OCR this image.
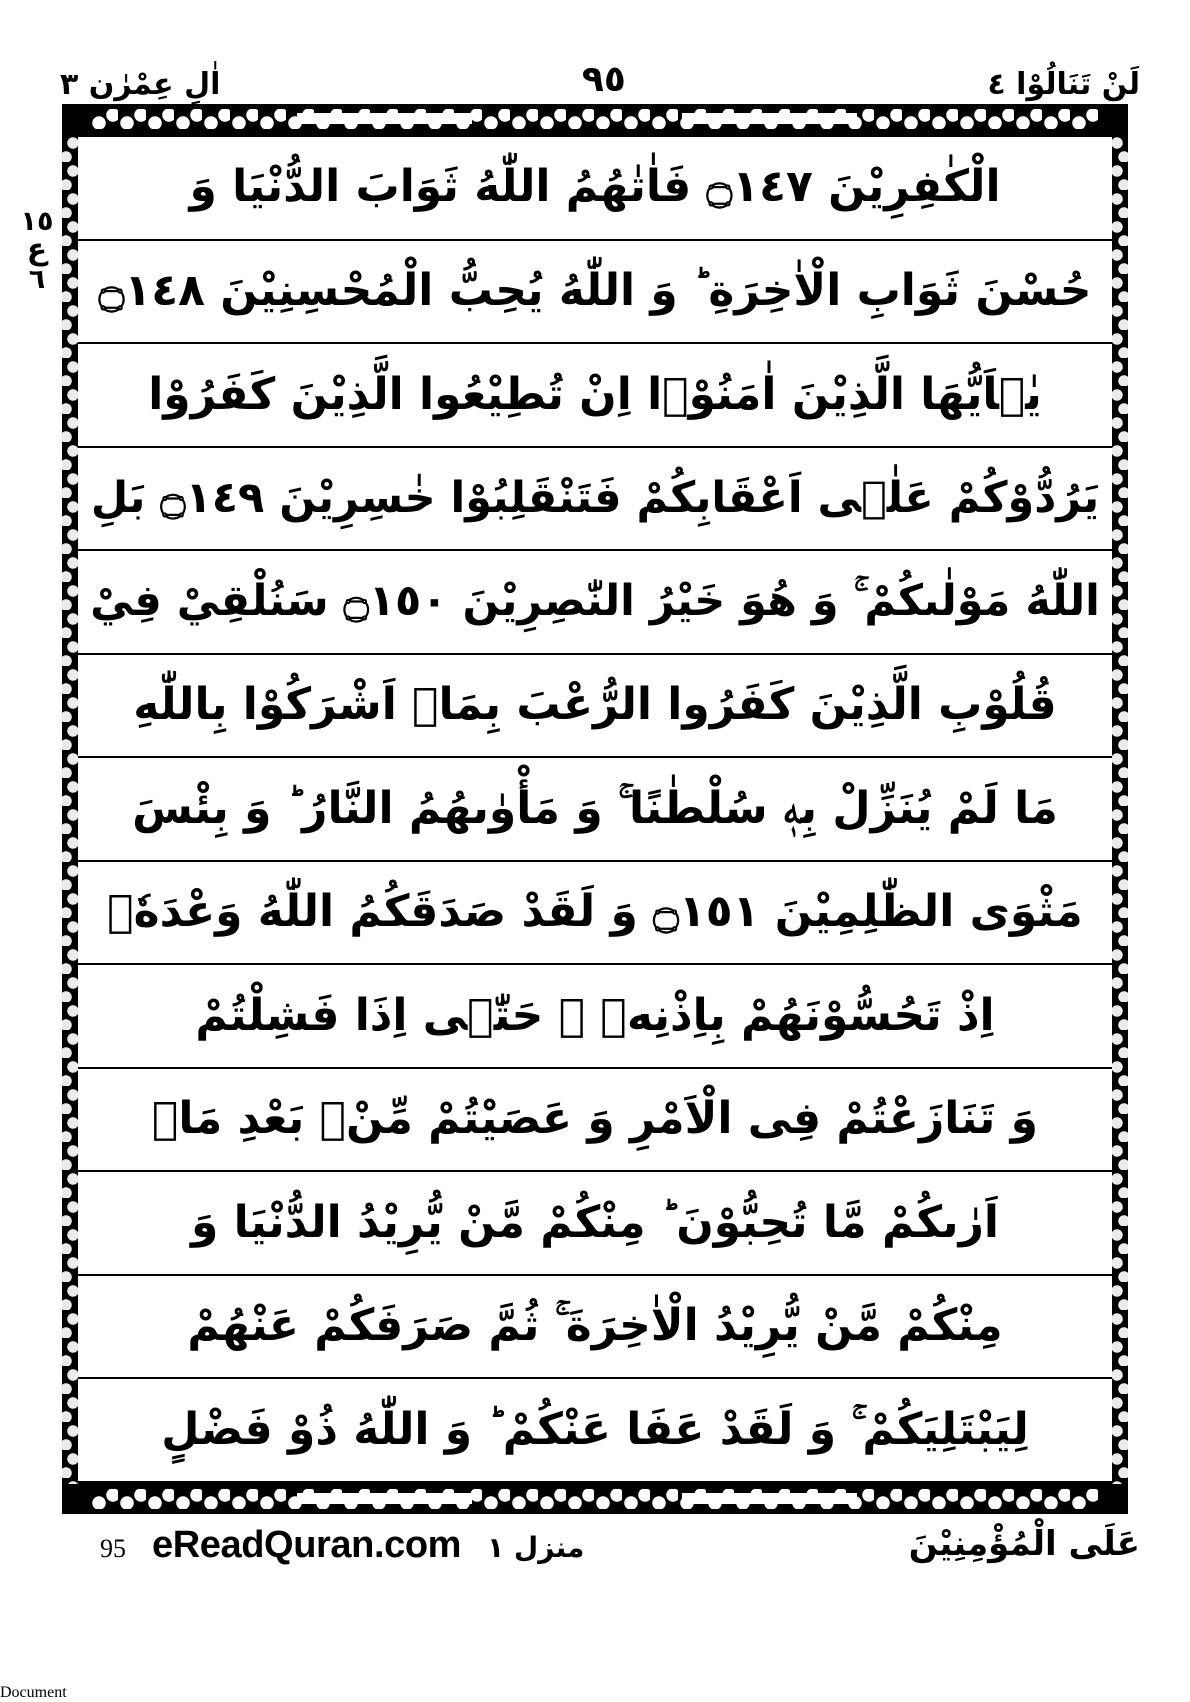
لَنْ تَنَالُوْا ٤
٩٥
اٰلِ عِمْرٰن ٣
١٥
ع
٦
الْكٰفِرِيْنَ ۝١٤٧ فَاٰتٰهُمُ اللّٰهُ ثَوَابَ الدُّنْيَا وَ
حُسْنَ ثَوَابِ الْاٰخِرَةِ ؕ وَ اللّٰهُ يُحِبُّ الْمُحْسِنِيْنَ ۝١٤٨
يٰۤاَيُّهَا الَّذِيْنَ اٰمَنُوْۤا اِنْ تُطِيْعُوا الَّذِيْنَ كَفَرُوْا
يَرُدُّوْكُمْ عَلٰۤى اَعْقَابِكُمْ فَتَنْقَلِبُوْا خٰسِرِيْنَ ۝١٤٩ بَلِ
اللّٰهُ مَوْلٰىكُمْ ۚ وَ هُوَ خَيْرُ النّٰصِرِيْنَ ۝١٥٠ سَنُلْقِيْ فِيْ
قُلُوْبِ الَّذِيْنَ كَفَرُوا الرُّعْبَ بِمَاۤ اَشْرَكُوْا بِاللّٰهِ
مَا لَمْ يُنَزِّلْ بِهٖ سُلْطٰنًا ۚ وَ مَأْوٰىهُمُ النَّارُ ؕ وَ بِئْسَ
مَثْوَى الظّٰلِمِيْنَ ۝١٥١ وَ لَقَدْ صَدَقَكُمُ اللّٰهُ وَعْدَهٗۤ
اِذْ تَحُسُّوْنَهُمْ بِاِذْنِهٖ ۚ حَتّٰۤى اِذَا فَشِلْتُمْ
وَ تَنَازَعْتُمْ فِى الْاَمْرِ وَ عَصَيْتُمْ مِّنْۢ بَعْدِ مَاۤ
اَرٰىكُمْ مَّا تُحِبُّوْنَ ؕ مِنْكُمْ مَّنْ يُّرِيْدُ الدُّنْيَا وَ
مِنْكُمْ مَّنْ يُّرِيْدُ الْاٰخِرَةَ ۚ ثُمَّ صَرَفَكُمْ عَنْهُمْ
لِيَبْتَلِيَكُمْ ۚ وَ لَقَدْ عَفَا عَنْكُمْ ؕ وَ اللّٰهُ ذُوْ فَضْلٍ
عَلَى الْمُؤْمِنِيْنَ
منزل ١
eReadQuran.com
95
Document
